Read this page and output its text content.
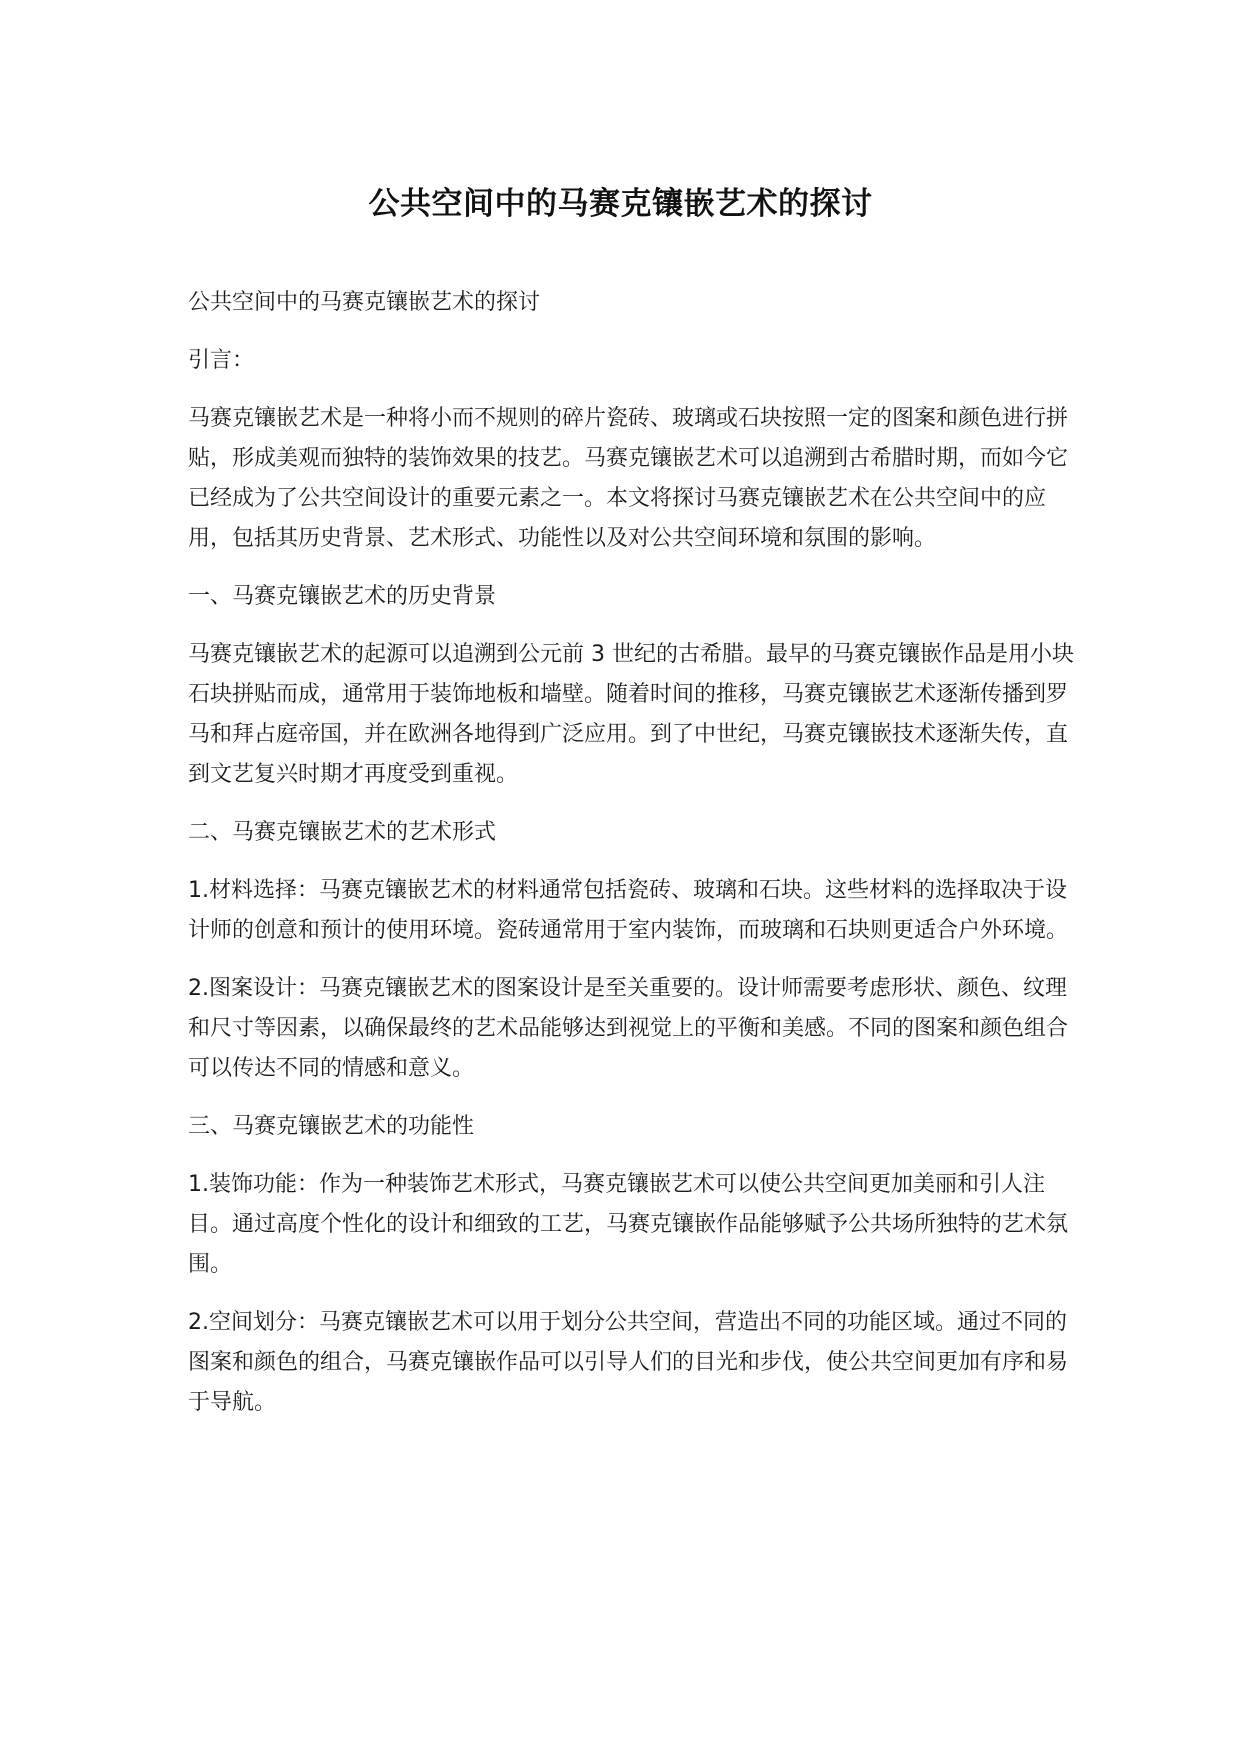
公共空间中的马赛克镶嵌艺术的探讨

公共空间中的马赛克镶嵌艺术的探讨

引言：

马赛克镶嵌艺术是一种将小而不规则的碎片瓷砖、玻璃或石块按照一定的图案和颜色进行拼贴，形成美观而独特的装饰效果的技艺。马赛克镶嵌艺术可以追溯到古希腊时期，而如今它已经成为了公共空间设计的重要元素之一。本文将探讨马赛克镶嵌艺术在公共空间中的应用，包括其历史背景、艺术形式、功能性以及对公共空间环境和氛围的影响。

一、马赛克镶嵌艺术的历史背景

马赛克镶嵌艺术的起源可以追溯到公元前 3 世纪的古希腊。最早的马赛克镶嵌作品是用小块石块拼贴而成，通常用于装饰地板和墙壁。随着时间的推移，马赛克镶嵌艺术逐渐传播到罗马和拜占庭帝国，并在欧洲各地得到广泛应用。到了中世纪，马赛克镶嵌技术逐渐失传，直到文艺复兴时期才再度受到重视。

二、马赛克镶嵌艺术的艺术形式

1.材料选择：马赛克镶嵌艺术的材料通常包括瓷砖、玻璃和石块。这些材料的选择取决于设计师的创意和预计的使用环境。瓷砖通常用于室内装饰，而玻璃和石块则更适合户外环境。

2.图案设计：马赛克镶嵌艺术的图案设计是至关重要的。设计师需要考虑形状、颜色、纹理和尺寸等因素，以确保最终的艺术品能够达到视觉上的平衡和美感。不同的图案和颜色组合可以传达不同的情感和意义。

三、马赛克镶嵌艺术的功能性

1.装饰功能：作为一种装饰艺术形式，马赛克镶嵌艺术可以使公共空间更加美丽和引人注目。通过高度个性化的设计和细致的工艺，马赛克镶嵌作品能够赋予公共场所独特的艺术氛围。

2.空间划分：马赛克镶嵌艺术可以用于划分公共空间，营造出不同的功能区域。通过不同的图案和颜色的组合，马赛克镶嵌作品可以引导人们的目光和步伐，使公共空间更加有序和易于导航。
